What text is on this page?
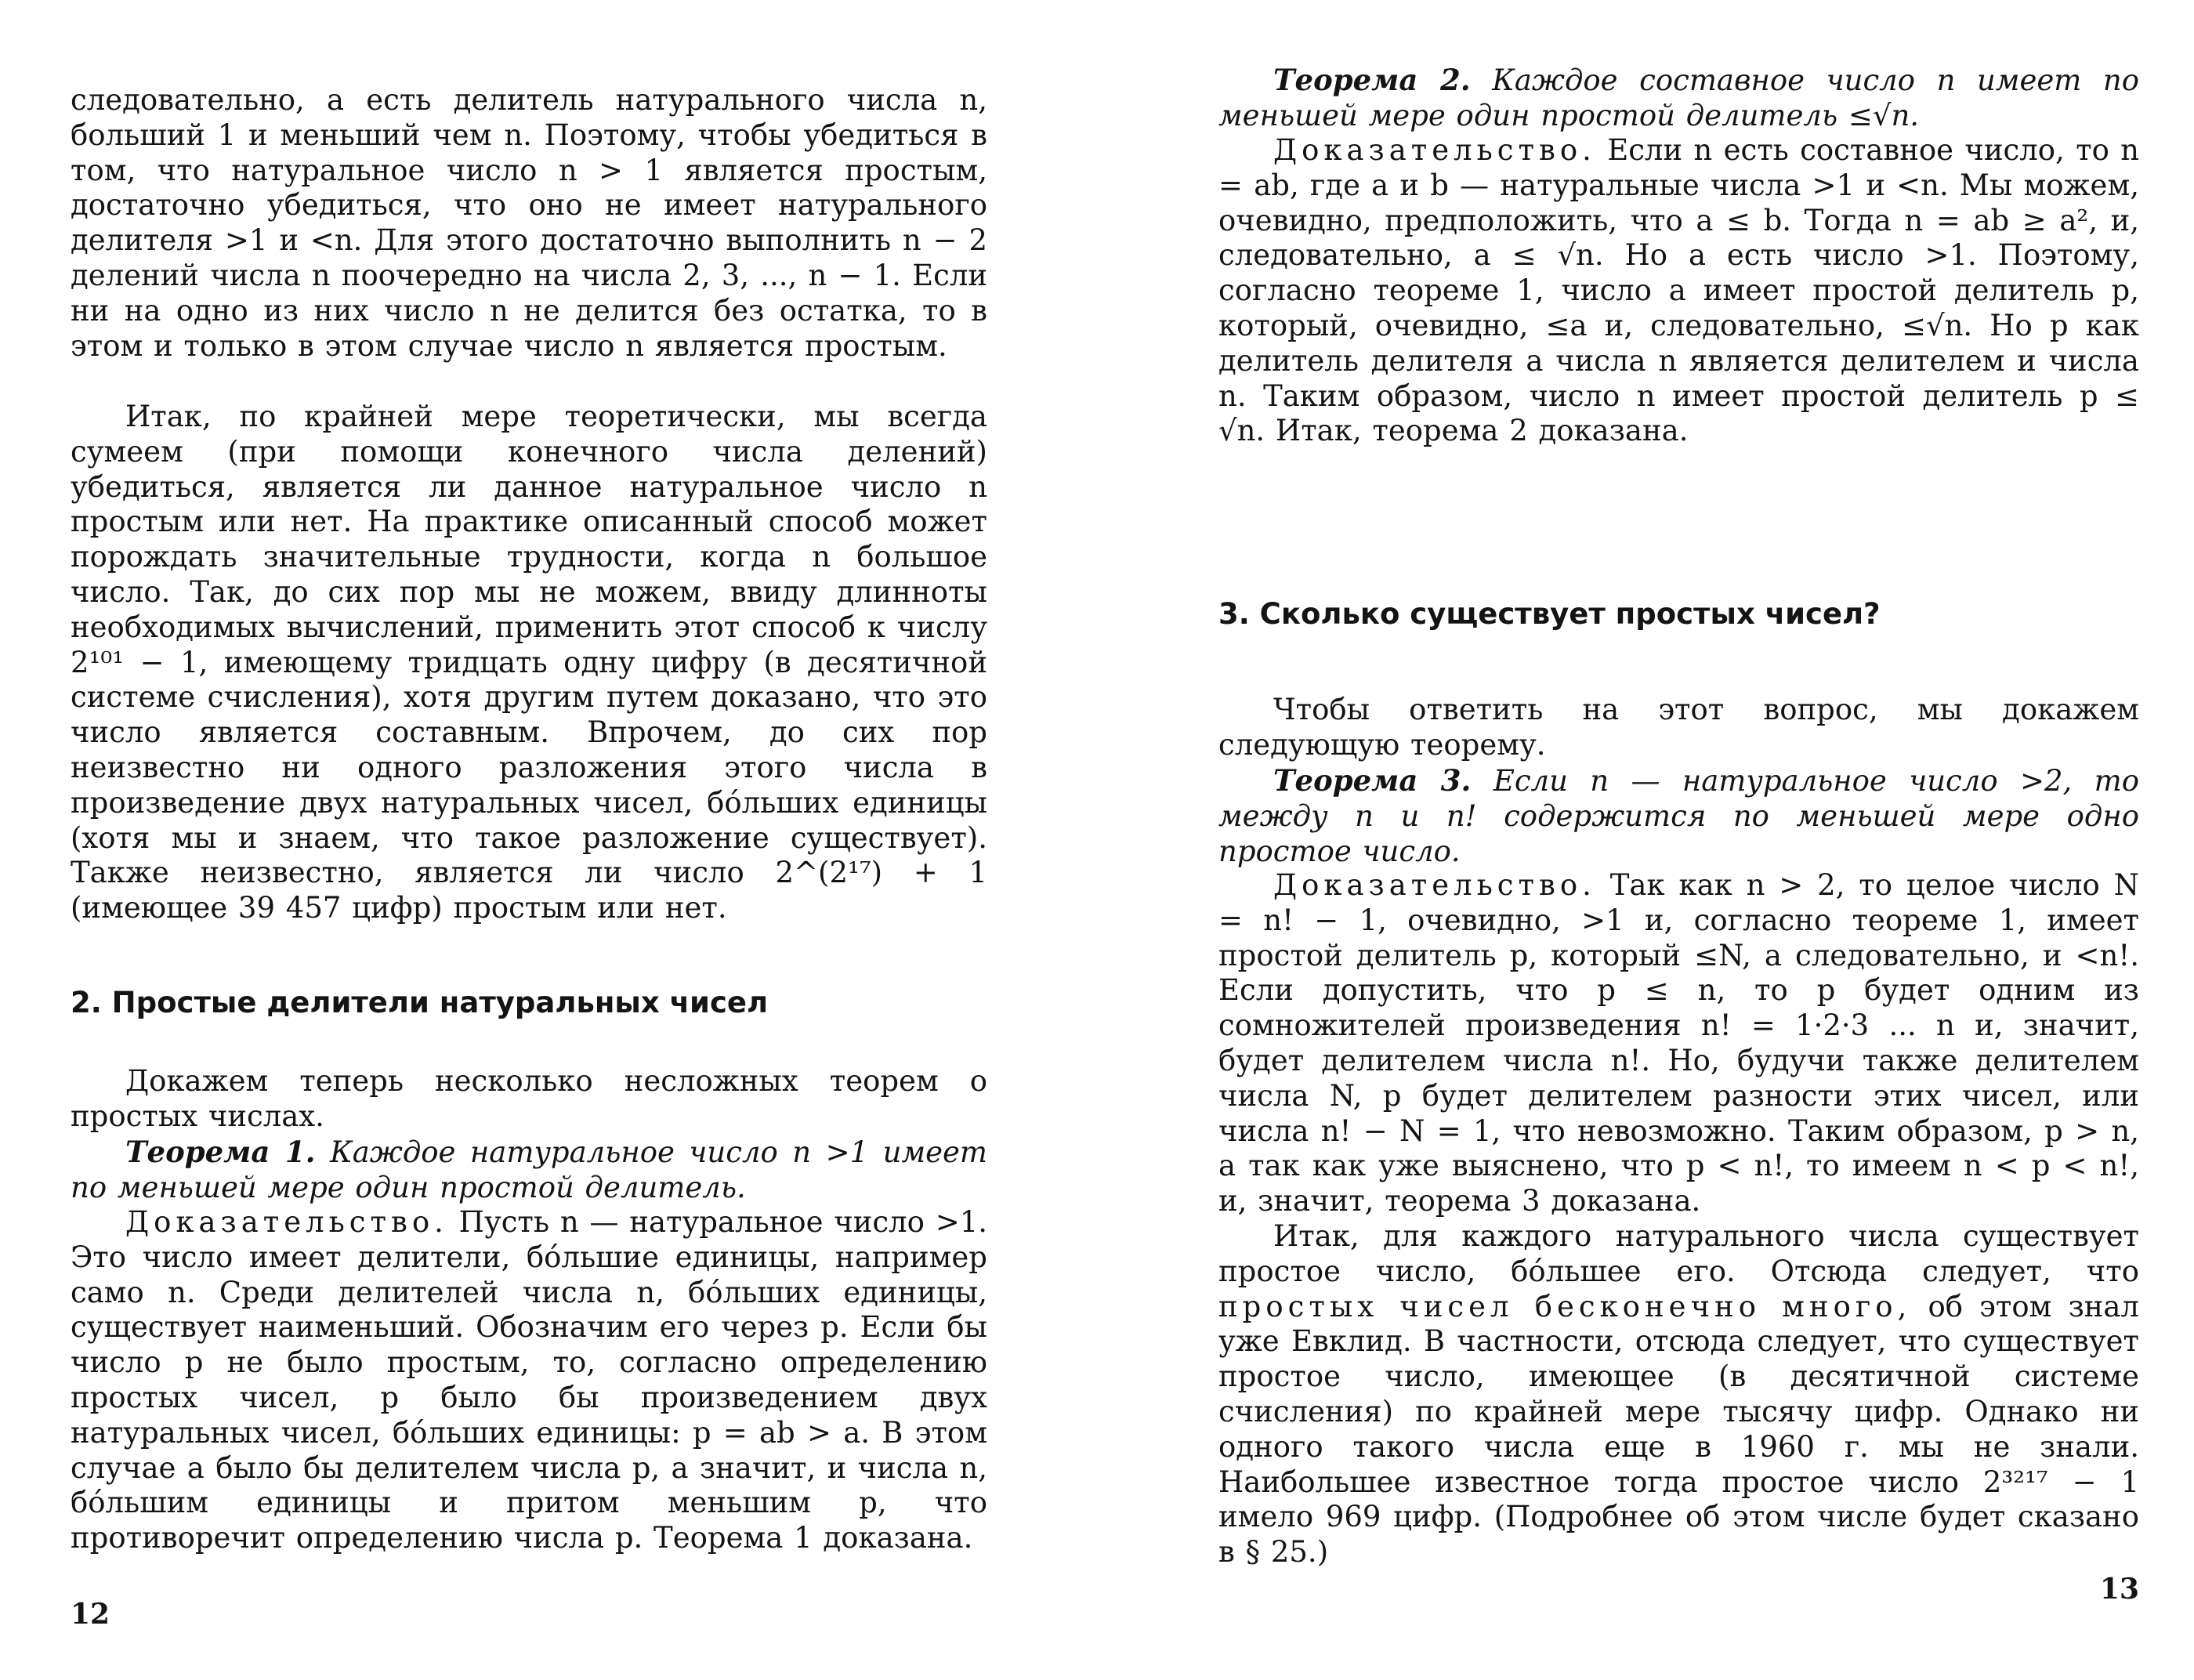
следовательно, a есть делитель натурального числа n, больший 1 и меньший чем n. Поэтому, чтобы убедиться в том, что натуральное число n > 1 является простым, достаточно убедиться, что оно не имеет натурального делителя >1 и <n. Для этого достаточно выполнить n − 2 делений числа n поочередно на числа 2, 3, ..., n − 1. Если ни на одно из них число n не делится без остатка, то в этом и только в этом случае число n является простым.

Итак, по крайней мере теоретически, мы всегда сумеем (при помощи конечного числа делений) убедиться, является ли данное натуральное число n простым или нет. На практике описанный способ может порождать значительные трудности, когда n большое число. Так, до сих пор мы не можем, ввиду длинноты необходимых вычислений, применить этот способ к числу 2¹⁰¹ − 1, имеющему тридцать одну цифру (в десятичной системе счисления), хотя другим путем доказано, что это число является составным. Впрочем, до сих пор неизвестно ни одного разложения этого числа в произведение двух натуральных чисел, бо́льших единицы (хотя мы и знаем, что такое разложение существует). Также неизвестно, является ли число 2^(2¹⁷) + 1 (имеющее 39 457 цифр) простым или нет.

2. Простые делители натуральных чисел

Докажем теперь несколько несложных теорем о простых числах.

Теорема 1. Каждое натуральное число n >1 имеет по меньшей мере один простой делитель.

Доказательство. Пусть n — натуральное число >1. Это число имеет делители, бо́льшие единицы, например само n. Среди делителей числа n, бо́льших единицы, существует наименьший. Обозначим его через p. Если бы число p не было простым, то, согласно определению простых чисел, p было бы произведением двух натуральных чисел, бо́льших единицы: p = ab > a. В этом случае a было бы делителем числа p, а значит, и числа n, бо́льшим единицы и притом меньшим p, что противоречит определению числа p. Теорема 1 доказана.

12

Теорема 2. Каждое составное число n имеет по меньшей мере один простой делитель ≤√n.

Доказательство. Если n есть составное число, то n = ab, где a и b — натуральные числа >1 и <n. Мы можем, очевидно, предположить, что a ≤ b. Тогда n = ab ≥ a², и, следовательно, a ≤ √n. Но a есть число >1. Поэтому, согласно теореме 1, число a имеет простой делитель p, который, очевидно, ≤a и, следовательно, ≤√n. Но p как делитель делителя a числа n является делителем и числа n. Таким образом, число n имеет простой делитель p ≤ √n. Итак, теорема 2 доказана.

3. Сколько существует простых чисел?

Чтобы ответить на этот вопрос, мы докажем следующую теорему.

Теорема 3. Если n — натуральное число >2, то между n и n! содержится по меньшей мере одно простое число.

Доказательство. Так как n > 2, то целое число N = n! − 1, очевидно, >1 и, согласно теореме 1, имеет простой делитель p, который ≤N, а следовательно, и <n!. Если допустить, что p ≤ n, то p будет одним из сомножителей произведения n! = 1·2·3 ... n и, значит, будет делителем числа n!. Но, будучи также делителем числа N, p будет делителем разности этих чисел, или числа n! − N = 1, что невозможно. Таким образом, p > n, а так как уже выяснено, что p < n!, то имеем n < p < n!, и, значит, теорема 3 доказана.

Итак, для каждого натурального числа существует простое число, бо́льшее его. Отсюда следует, что простых чисел бесконечно много, об этом знал уже Евклид. В частности, отсюда следует, что существует простое число, имеющее (в десятичной системе счисления) по крайней мере тысячу цифр. Однако ни одного такого числа еще в 1960 г. мы не знали. Наибольшее известное тогда простое число 2³²¹⁷ − 1 имело 969 цифр. (Подробнее об этом числе будет сказано в § 25.)

13
